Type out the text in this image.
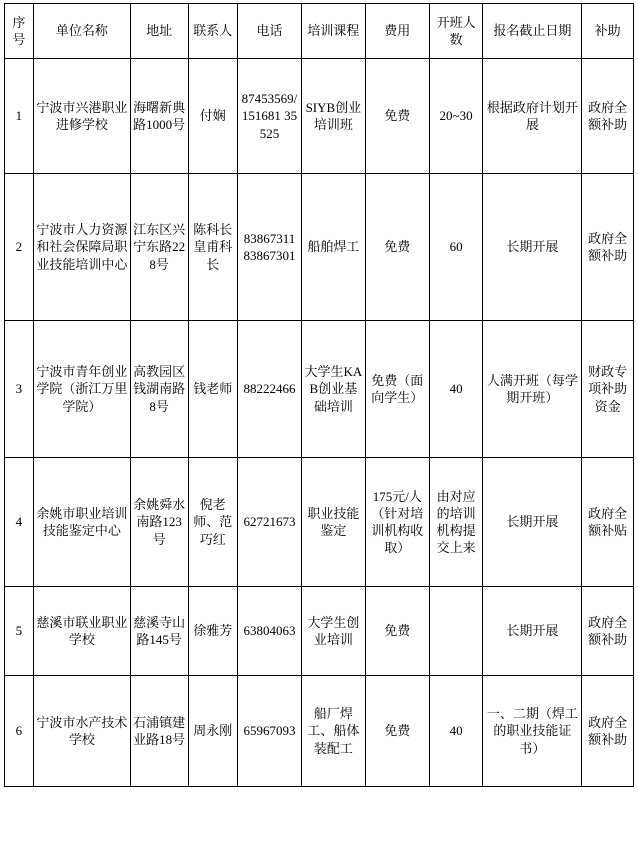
序号	单位名称	地址	联系人	电话	培训课程	费用	开班人数	报名截止日期	补助
1	宁波市兴港职业进修学校	海曙新典路1000号	付娴	87453569/151681 35525	SIYB创业培训班	免费	20~30	根据政府计划开展	政府全额补助
2	宁波市人力资源和社会保障局职业技能培训中心	江东区兴宁东路228号	陈科长皇甫科长	83867311 83867301	船舶焊工	免费	60	长期开展	政府全额补助
3	宁波市青年创业学院（浙江万里学院）	高教园区钱湖南路8号	钱老师	88222466	大学生KAB创业基础培训	免费（面向学生）	40	人满开班（每学期开班）	财政专项补助资金
4	余姚市职业培训技能鉴定中心	余姚舜水南路123号	倪老师、范巧红	62721673	职业技能鉴定	175元/人（针对培训机构收取）	由对应的培训机构提交上来	长期开展	政府全额补贴
5	慈溪市联业职业学校	慈溪寺山路145号	徐雅芳	63804063	大学生创业培训	免费		长期开展	政府全额补助
6	宁波市水产技术学校	石浦镇建业路18号	周永刚	65967093	船厂焊工、船体装配工	免费	40	一、二期（焊工的职业技能证书）	政府全额补助
